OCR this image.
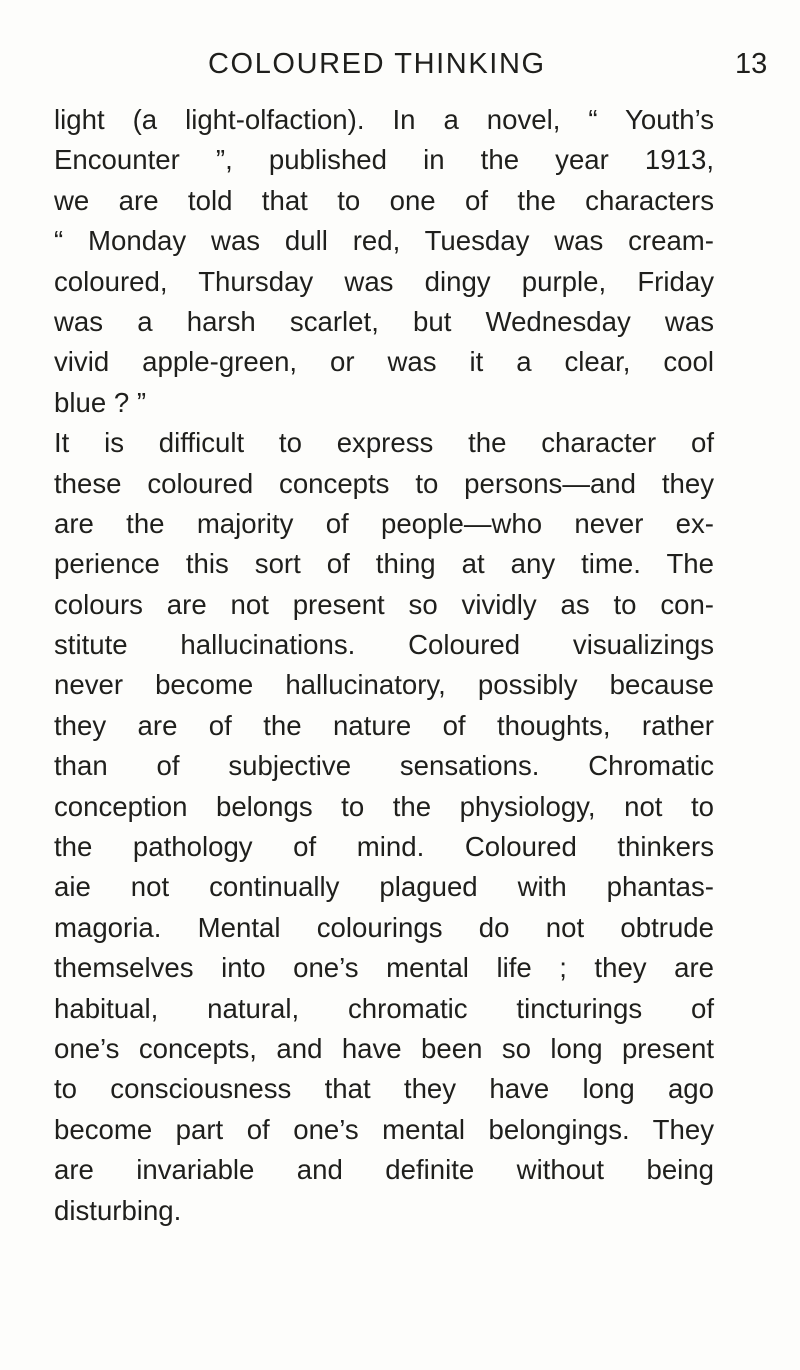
COLOURED THINKING	13
light (a light-olfaction). In a novel, “ Youth’s
Encounter ”, published in the year 1913,
we are told that to one of the characters
“ Monday was dull red, Tuesday was cream-
coloured, Thursday was dingy purple, Friday
was a harsh scarlet, but Wednesday was
vivid apple-green, or was it a clear, cool
blue ? ”
It is difficult to express the character of
these coloured concepts to persons—and they
are the majority of people—who never ex-
perience this sort of thing at any time. The
colours are not present so vividly as to con-
stitute hallucinations. Coloured visualizings
never become hallucinatory, possibly because
they are of the nature of thoughts, rather
than of subjective sensations. Chromatic
conception belongs to the physiology, not to
the pathology of mind. Coloured thinkers
aie not continually plagued with phantas-
magoria. Mental colourings do not obtrude
themselves into one’s mental life ; they are
habitual, natural, chromatic tincturings of
one’s concepts, and have been so long present
to consciousness that they have long ago
become part of one’s mental belongings. They
are invariable and definite without being
disturbing.
